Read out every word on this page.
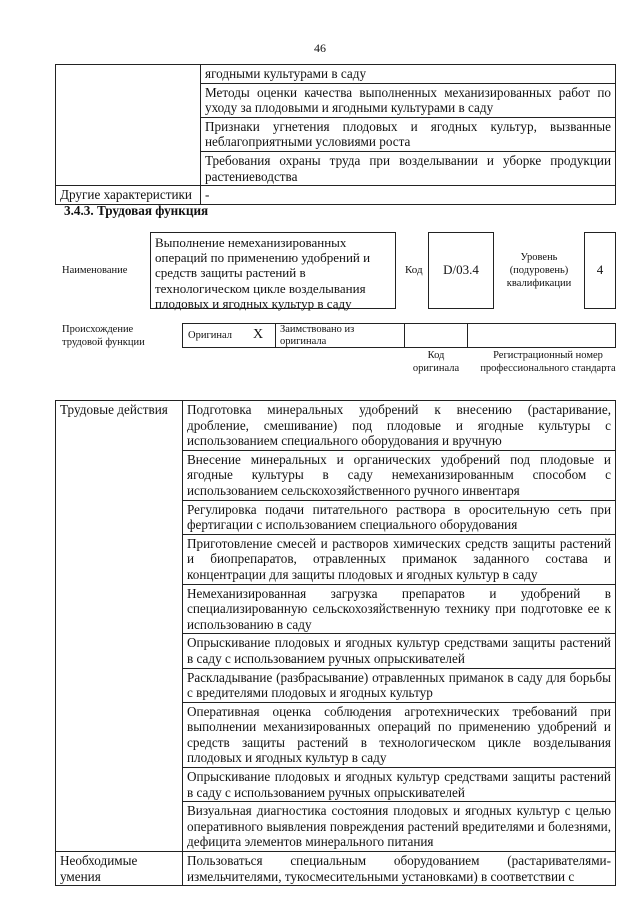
46
	ягодными культурами в саду
	Методы оценки качества выполненных механизированных работ по уходу за плодовыми и ягодными культурами в саду
	Признаки угнетения плодовых и ягодных культур, вызванные неблагоприятными условиями роста
	Требования охраны труда при возделывании и уборке продукции растениеводства
Другие характеристики	-
3.4.3. Трудовая функция
Наименование
Выполнение немеханизированных операций по применению удобрений и средств защиты растений в технологическом цикле возделывания плодовых и ягодных культур в саду
Код	D/03.4
Уровень (подуровень) квалификации
4
Происхождение трудовой функции
Оригинал X Заимствовано из оригинала
Код оригинала
Регистрационный номер профессионального стандарта
Трудовые действия	Подготовка минеральных удобрений к внесению (растаривание, дробление, смешивание) под плодовые и ягодные культуры с использованием специального оборудования и вручную
	Внесение минеральных и органических удобрений под плодовые и ягодные культуры в саду немеханизированным способом с использованием сельскохозяйственного ручного инвентаря
	Регулировка подачи питательного раствора в оросительную сеть при фертигации с использованием специального оборудования
	Приготовление смесей и растворов химических средств защиты растений и биопрепаратов, отравленных приманок заданного состава и концентрации для защиты плодовых и ягодных культур в саду
	Немеханизированная загрузка препаратов и удобрений в специализированную сельскохозяйственную технику при подготовке ее к использованию в саду
	Опрыскивание плодовых и ягодных культур средствами защиты растений в саду с использованием ручных опрыскивателей
	Раскладывание (разбрасывание) отравленных приманок в саду для борьбы с вредителями плодовых и ягодных культур
	Оперативная оценка соблюдения агротехнических требований при выполнении механизированных операций по применению удобрений и средств защиты растений в технологическом цикле возделывания плодовых и ягодных культур в саду
	Опрыскивание плодовых и ягодных культур средствами защиты растений в саду с использованием ручных опрыскивателей
	Визуальная диагностика состояния плодовых и ягодных культур с целью оперативного выявления повреждения растений вредителями и болезнями, дефицита элементов минерального питания
Необходимые умения	Пользоваться специальным оборудованием (растаривателями-измельчителями, тукосмесительными установками) в соответствии с
